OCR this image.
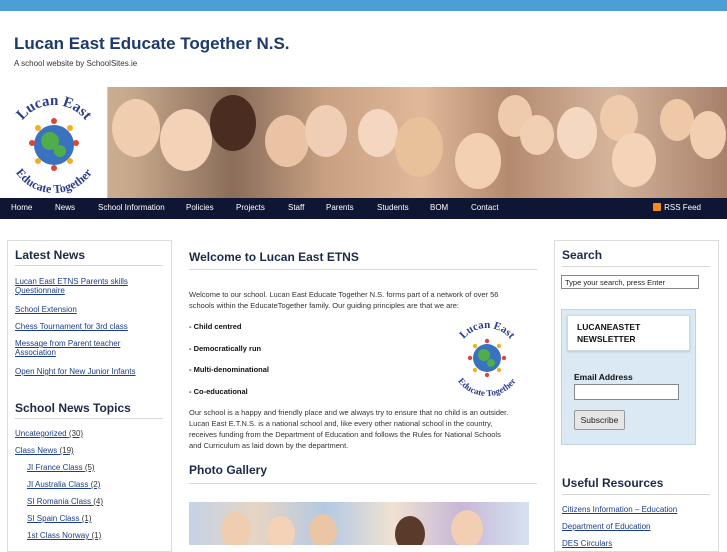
Lucan East Educate Together N.S.
A school website by SchoolSites.ie
Lucan East
Educate Together
Home	News	School Information	Policies	Projects	Staff	Parents	Students	BOM	Contact	RSS Feed
Latest News
Lucan East ETNS Parents skills
Questionnaire
School Extension
Chess Tournament for 3rd class
Message from Parent teacher
Association
Open Night for New Junior Infants
School News Topics
Uncategorized (30)
Class News (19)
JI France Class (5)
JI Australia Class (2)
SI Romania Class (4)
SI Spain Class (1)
1st Class Norway (1)
Welcome to Lucan East ETNS
Welcome to our school. Lucan East Educate Together N.S. forms part of a network of over 56
schools within the EducateTogether family. Our guiding principles are that we are:
- Child centred
- Democratically run
- Multi-denominational
- Co-educational
Lucan East
Educate Together
Our school is a happy and friendly place and we always try to ensure that no child is an outsider.
Lucan East E.T.N.S. is a national school and, like every other national school in the country,
receives funding from the Department of Education and follows the Rules for National Schools
and Curriculum as laid down by the department.
Photo Gallery
Search
Type your search, press Enter
LUCANEASTET
NEWSLETTER
Email Address
Subscribe
Useful Resources
Citizens Information – Education
Department of Education
DES Circulars
